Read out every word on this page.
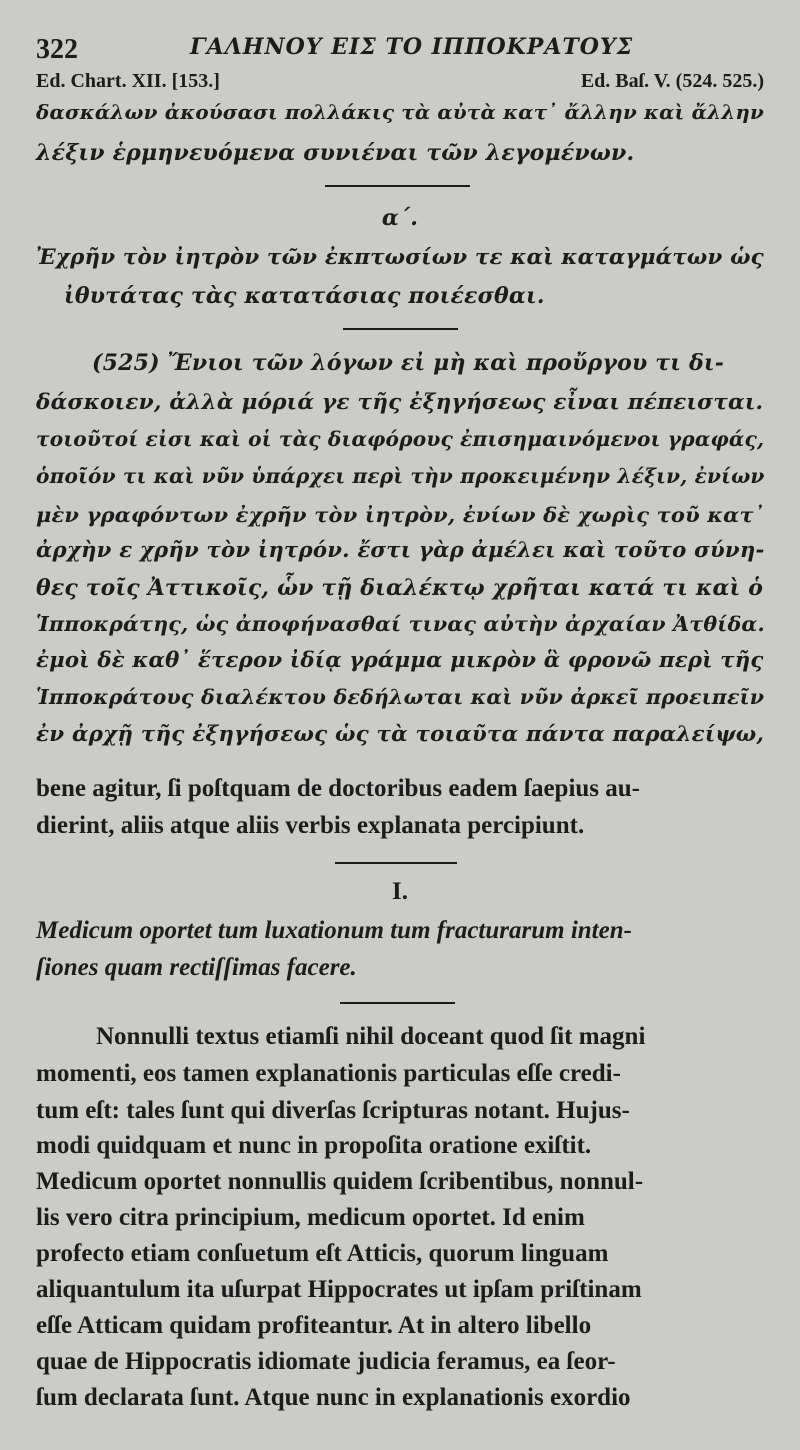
322	ΓΑΛΗΝΟΥ ΕΙΣ ΤΟ ΙΠΠΟΚΡΑΤΟΥΣ
Ed. Chart. XII. [153.]	Ed. Baſ. V. (524. 525.)
δασκάλων ἀκούσασι πολλάκις τὰ αὐτὰ κατ᾽ ἄλλην καὶ ἄλλην
λέξιν ἑρμηνευόμενα συνιέναι τῶν λεγομένων.
α΄.
Ἐχρῆν τὸν ἰητρὸν τῶν ἐκπτωσίων τε καὶ καταγμάτων ὡς
ἰθυτάτας τὰς κατατάσιας ποιέεσθαι.
(525) Ἔνιοι τῶν λόγων εἰ μὴ καὶ προὔργου τι δι-
δάσκοιεν, ἀλλὰ μόριά γε τῆς ἐξηγήσεως εἶναι πέπεισται.
τοιοῦτοί εἰσι καὶ οἱ τὰς διαφόρους ἐπισημαινόμενοι γραφάς,
ὁποῖόν τι καὶ νῦν ὑπάρχει περὶ τὴν προκειμένην λέξιν, ἐνίων
μὲν γραφόντων ἐχρῆν τὸν ἰητρὸν, ἐνίων δὲ χωρὶς τοῦ κατ᾽
ἀρχὴν ε χρῆν τὸν ἰητρόν. ἔστι γὰρ ἀμέλει καὶ τοῦτο σύνη-
θες τοῖς Ἀττικοῖς, ὧν τῇ διαλέκτῳ χρῆται κατά τι καὶ ὁ
Ἱπποκράτης, ὡς ἀποφήνασθαί τινας αὐτὴν ἀρχαίαν Ἀτθίδα.
ἐμοὶ δὲ καθ᾽ ἕτερον ἰδίᾳ γράμμα μικρὸν ἃ φρονῶ περὶ τῆς
Ἱπποκράτους διαλέκτου δεδήλωται καὶ νῦν ἀρκεῖ προειπεῖν
ἐν ἀρχῇ τῆς ἐξηγήσεως ὡς τὰ τοιαῦτα πάντα παραλείψω,
bene agitur, ſi poſtquam de doctoribus eadem ſaepius au-
dierint, aliis atque aliis verbis explanata percipiunt.
I.
Medicum oportet tum luxationum tum fracturarum inten-
ſiones quam rectiſſimas facere.
Nonnulli textus etiamſi nihil doceant quod ſit magni
momenti, eos tamen explanationis particulas eſſe credi-
tum eſt: tales ſunt qui diverſas ſcripturas notant. Hujus-
modi quidquam et nunc in propoſita oratione exiſtit.
Medicum oportet nonnullis quidem ſcribentibus, nonnul-
lis vero citra principium, medicum oportet. Id enim
profecto etiam conſuetum eſt Atticis, quorum linguam
aliquantulum ita uſurpat Hippocrates ut ipſam priſtinam
eſſe Atticam quidam profiteantur. At in altero libello
quae de Hippocratis idiomate judicia feramus, ea ſeor-
ſum declarata ſunt. Atque nunc in explanationis exordio
